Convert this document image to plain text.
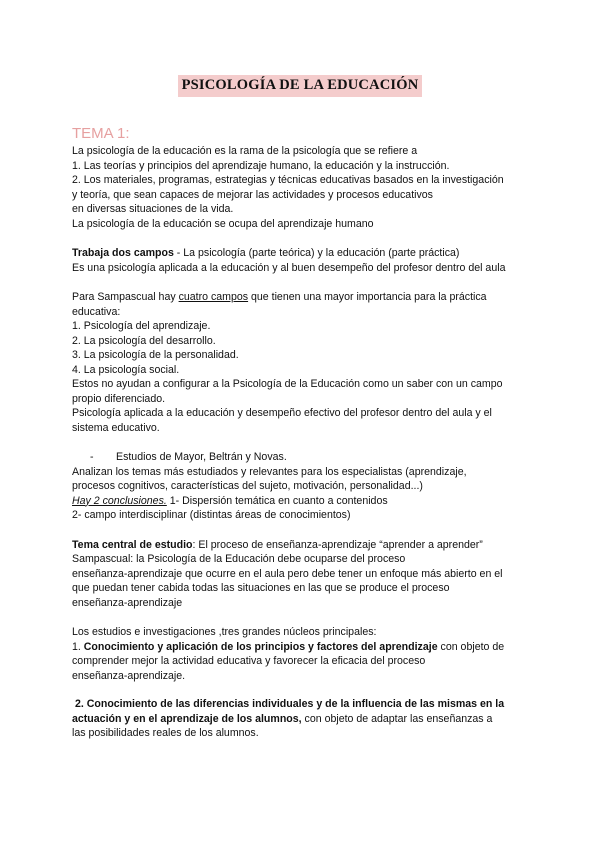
PSICOLOGÍA DE LA EDUCACIÓN

TEMA 1:

La psicología de la educación es la rama de la psicología que se refiere a

1. Las teorías y principios del aprendizaje humano, la educación y la instrucción.

2. Los materiales, programas, estrategias y técnicas educativas basados en la investigación

y teoría, que sean capaces de mejorar las actividades y procesos educativos

en diversas situaciones de la vida.

La psicología de la educación se ocupa del aprendizaje humano

Trabaja dos campos - La psicología (parte teórica) y la educación (parte práctica)

Es una psicología aplicada a la educación y al buen desempeño del profesor dentro del aula

Para Sampascual hay cuatro campos que tienen una mayor importancia para la práctica

educativa:

1. Psicología del aprendizaje.

2. La psicología del desarrollo.

3. La psicología de la personalidad.

4. La psicología social.

Estos no ayudan a configurar a la Psicología de la Educación como un saber con un campo

propio diferenciado.

Psicología aplicada a la educación y desempeño efectivo del profesor dentro del aula y el

sistema educativo.

- Estudios de Mayor, Beltrán y Novas.

Analizan los temas más estudiados y relevantes para los especialistas (aprendizaje,

procesos cognitivos, características del sujeto, motivación, personalidad...)

Hay 2 conclusiones. 1- Dispersión temática en cuanto a contenidos

2- campo interdisciplinar (distintas áreas de conocimientos)

Tema central de estudio: El proceso de enseñanza-aprendizaje “aprender a aprender”

Sampascual: la Psicología de la Educación debe ocuparse del proceso

enseñanza-aprendizaje que ocurre en el aula pero debe tener un enfoque más abierto en el

que puedan tener cabida todas las situaciones en las que se produce el proceso

enseñanza-aprendizaje

Los estudios e investigaciones ,tres grandes núcleos principales:

1. Conocimiento y aplicación de los principios y factores del aprendizaje con objeto de

comprender mejor la actividad educativa y favorecer la eficacia del proceso

enseñanza-aprendizaje.

2. Conocimiento de las diferencias individuales y de la influencia de las mismas en la

actuación y en el aprendizaje de los alumnos, con objeto de adaptar las enseñanzas a

las posibilidades reales de los alumnos.
